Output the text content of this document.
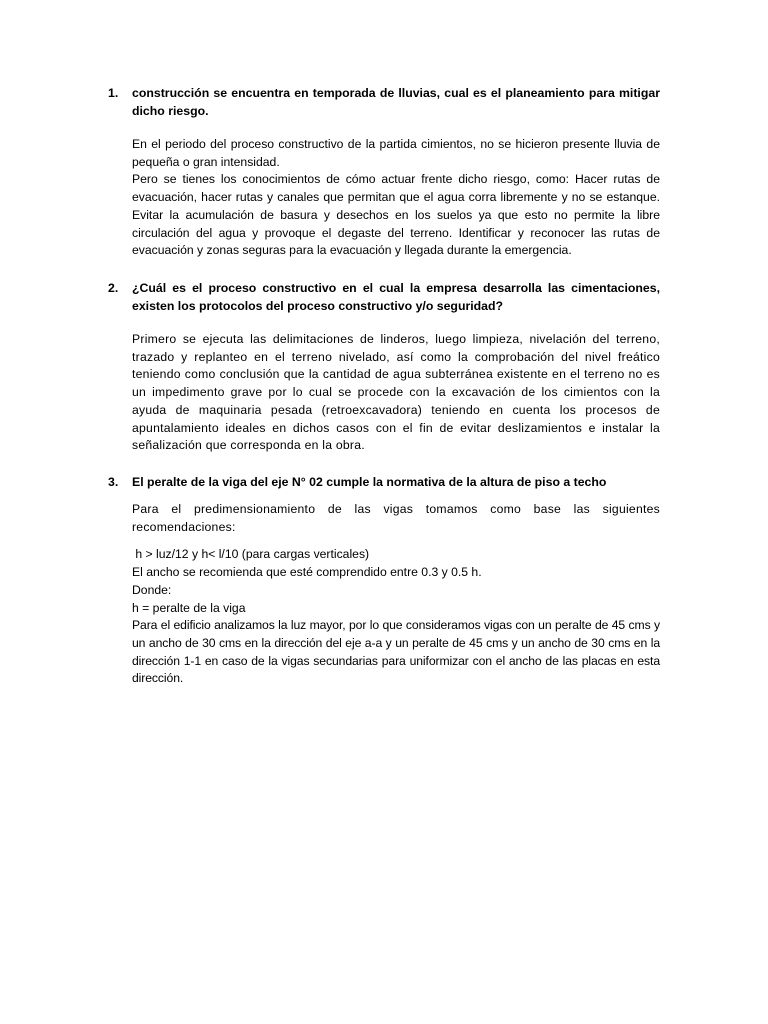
1.	construcción se encuentra en temporada de lluvias, cual es el planeamiento para mitigar dicho riesgo.

En el periodo del proceso constructivo de la partida cimientos, no se hicieron presente lluvia de pequeña o gran intensidad.

Pero se tienes los conocimientos de cómo actuar frente dicho riesgo, como: Hacer rutas de evacuación, hacer rutas y canales que permitan que el agua corra libremente y no se estanque. Evitar la acumulación de basura y desechos en los suelos ya que esto no permite la libre circulación del agua y provoque el degaste del terreno. Identificar y reconocer las rutas de evacuación y zonas seguras para la evacuación y llegada durante la emergencia.

2.	¿Cuál es el proceso constructivo en el cual la empresa desarrolla las cimentaciones, existen los protocolos del proceso constructivo y/o seguridad?

Primero se ejecuta las delimitaciones de linderos, luego limpieza, nivelación del terreno, trazado y replanteo en el terreno nivelado, así como la comprobación del nivel freático teniendo como conclusión que la cantidad de agua subterránea existente en el terreno no es un impedimento grave por lo cual se procede con la excavación de los cimientos con la ayuda de maquinaria pesada (retroexcavadora) teniendo en cuenta los procesos de apuntalamiento ideales en dichos casos con el fin de evitar deslizamientos e instalar la señalización que corresponda en la obra.

3.	El peralte de la viga del eje N° 02 cumple la normativa de la altura de piso a techo

Para el predimensionamiento de las vigas tomamos como base las siguientes recomendaciones:

h > luz/12 y h< l/10 (para cargas verticales)

El ancho se recomienda que esté comprendido entre 0.3 y 0.5 h.

Donde:

h = peralte de la viga

Para el edificio analizamos la luz mayor, por lo que consideramos vigas con un peralte de 45 cms y un ancho de 30 cms en la dirección del eje a-a y un peralte de 45 cms y un ancho de 30 cms en la dirección 1-1 en caso de la vigas secundarias para uniformizar con el ancho de las placas en esta dirección.
